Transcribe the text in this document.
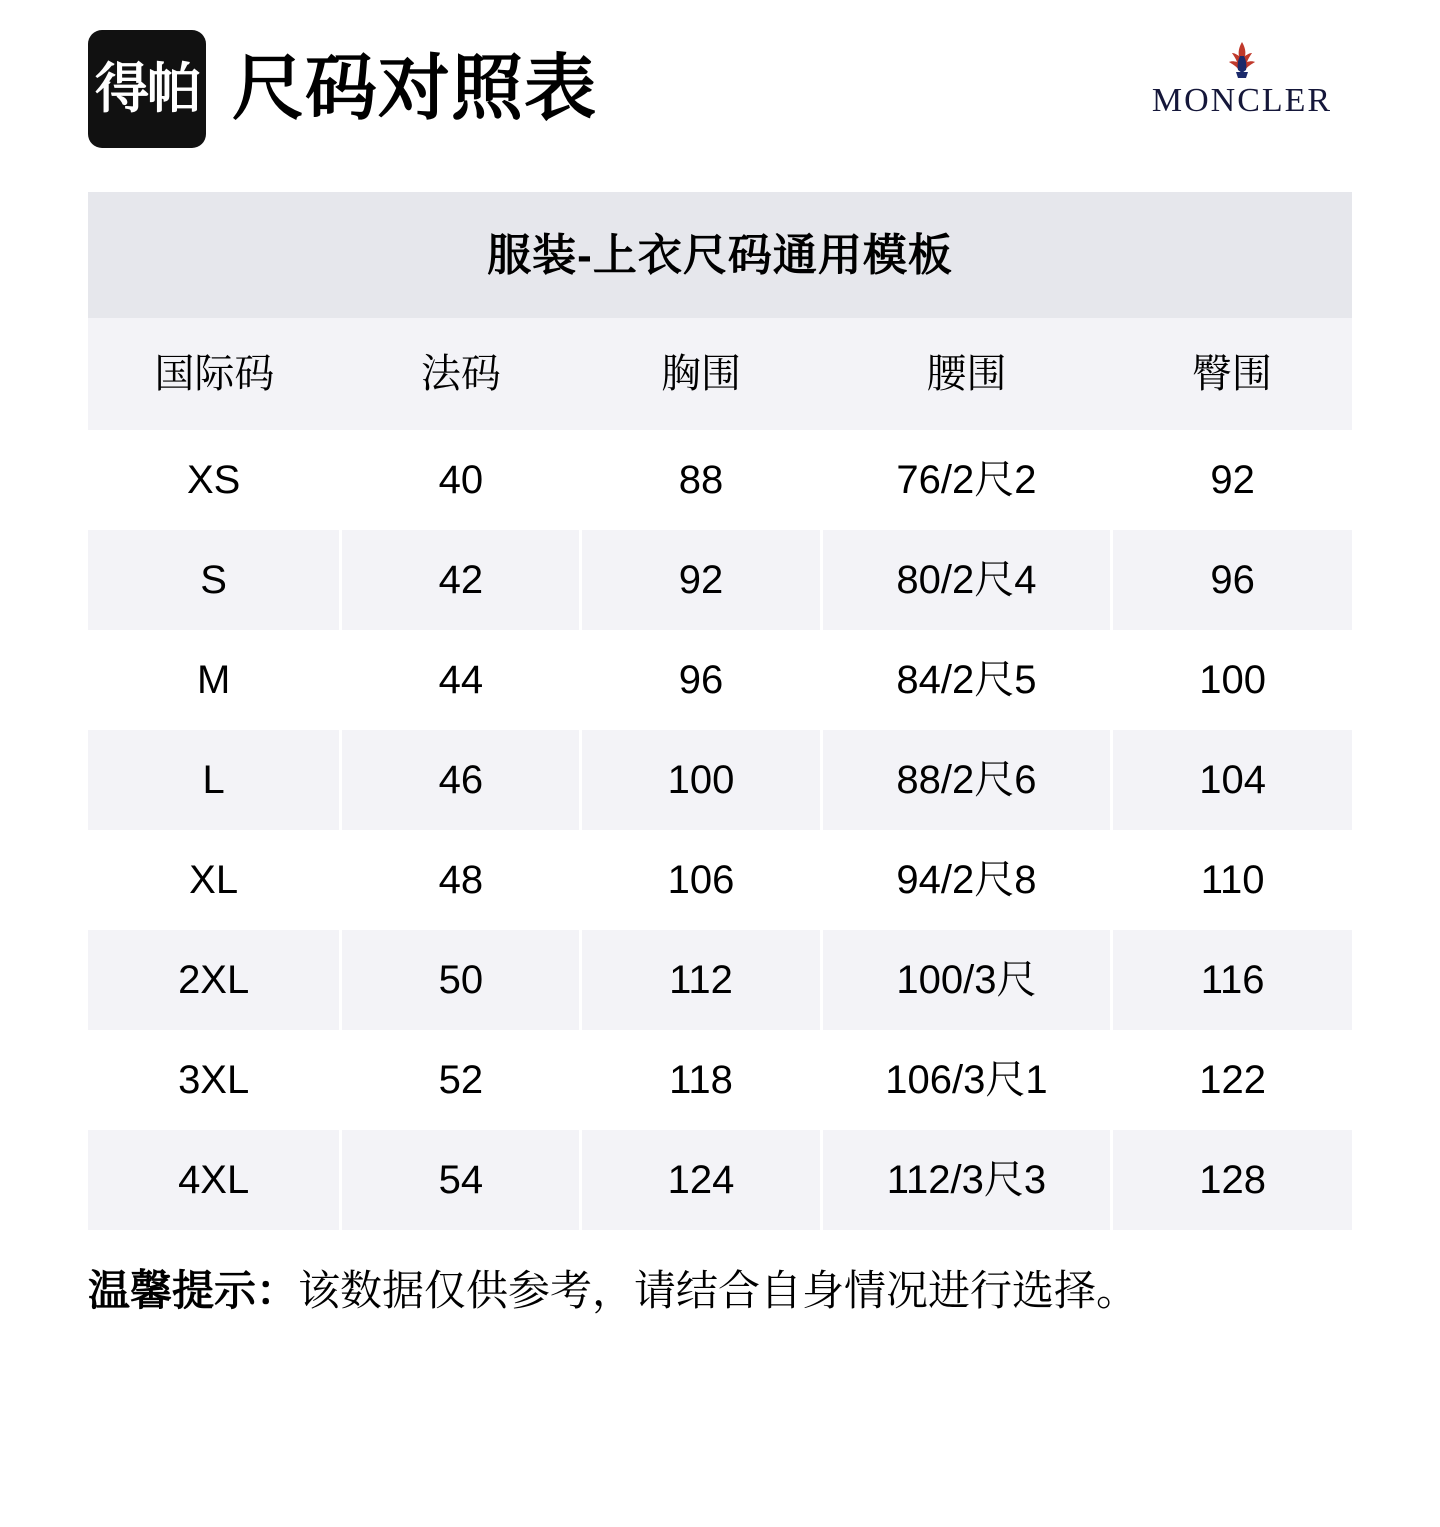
得帕 尺码对照表	MONCLER
服装-上衣尺码通用模板
国际码	法码	胸围	腰围	臀围
XS	40	88	76/2尺2	92
S	42	92	80/2尺4	96
M	44	96	84/2尺5	100
L	46	100	88/2尺6	104
XL	48	106	94/2尺8	110
2XL	50	112	100/3尺	116
3XL	52	118	106/3尺1	122
4XL	54	124	112/3尺3	128
温馨提示：该数据仅供参考，请结合自身情况进行选择。
